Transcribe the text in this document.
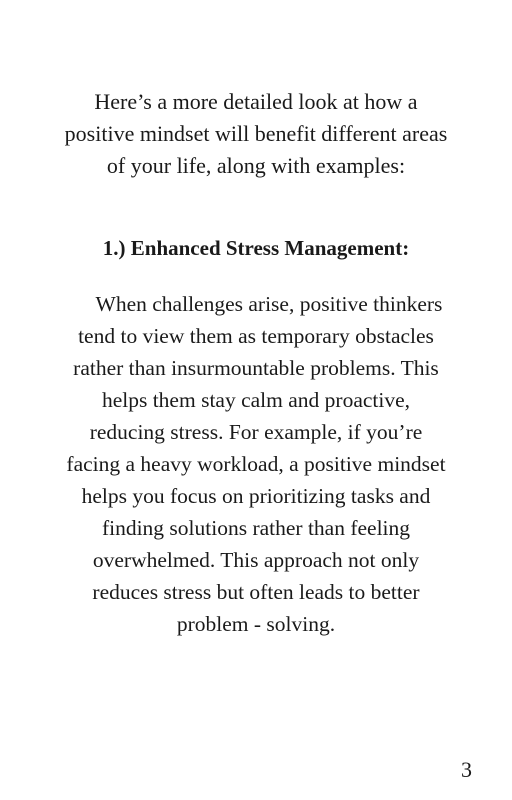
Here’s a more detailed look at how a positive mindset will benefit different areas of your life, along with examples:

1.) Enhanced Stress Management:

When challenges arise, positive thinkers tend to view them as temporary obstacles rather than insurmountable problems. This helps them stay calm and proactive, reducing stress. For example, if you’re facing a heavy workload, a positive mindset helps you focus on prioritizing tasks and finding solutions rather than feeling overwhelmed. This approach not only reduces stress but often leads to better problem - solving.

3
